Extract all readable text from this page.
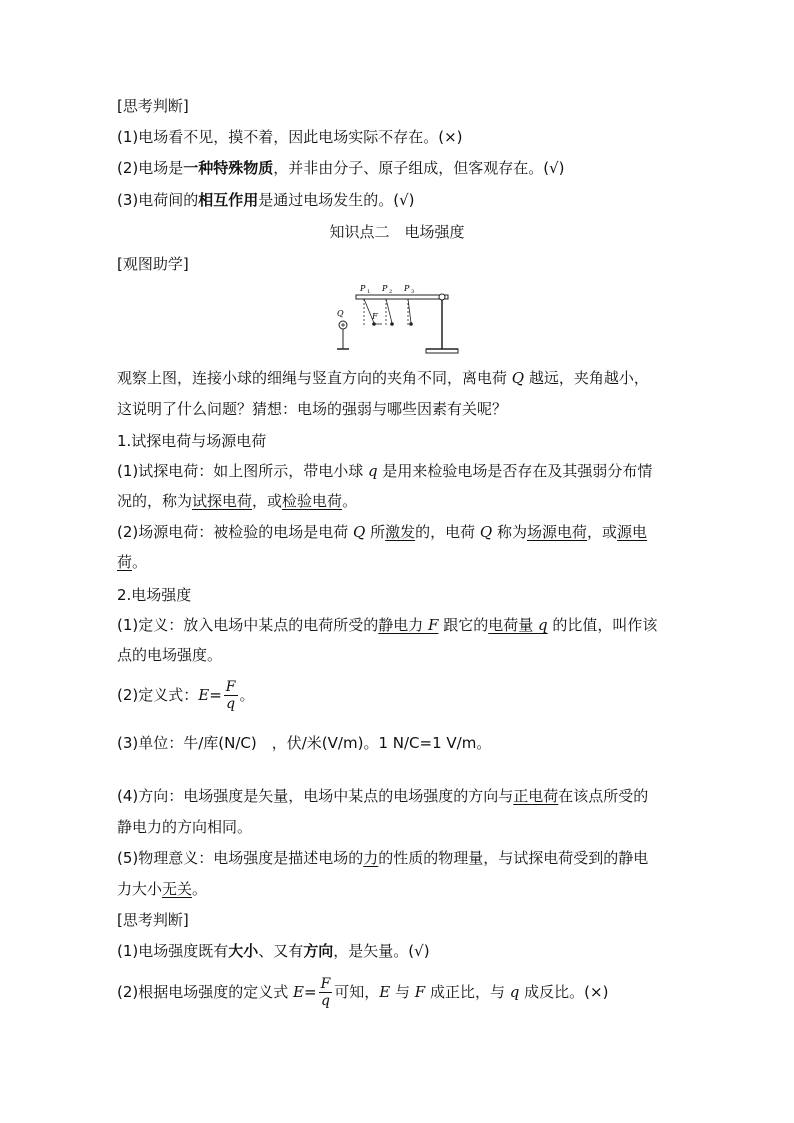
[思考判断]
(1)电场看不见，摸不着，因此电场实际不存在。(×)
(2)电场是一种特殊物质，并非由分子、原子组成，但客观存在。(√)
(3)电荷间的相互作用是通过电场发生的。(√)
知识点二　电场强度
[观图助学]
P 1 P 2 P 3
F
Q
观察上图，连接小球的细绳与竖直方向的夹角不同，离电荷 Q 越远，夹角越小，
这说明了什么问题？猜想：电场的强弱与哪些因素有关呢？
1.试探电荷与场源电荷
(1)试探电荷：如上图所示，带电小球 q 是用来检验电场是否存在及其强弱分布情
况的，称为试探电荷，或检验电荷。
(2)场源电荷：被检验的电场是电荷 Q 所激发的，电荷 Q 称为场源电荷，或源电
荷。
2.电场强度
(1)定义：放入电场中某点的电荷所受的静电力 F 跟它的电荷量 q 的比值，叫作该
点的电场强度。
(2)定义式：$E= \frac{F}{q}$ 。
(3)单位：牛/库(N/C)　，伏/米(V/m)。1 N/C=1 V/m。
(4)方向：电场强度是矢量，电场中某点的电场强度的方向与正电荷在该点所受的
静电力的方向相同。
(5)物理意义：电场强度是描述电场的力的性质的物理量，与试探电荷受到的静电
力大小无关。
[思考判断]
(1)电场强度既有大小、又有方向，是矢量。(√)
(2)根据电场强度的定义式 $E= \frac{F}{q}$ 可知，E 与 F 成正比，与 q 成反比。(×)
